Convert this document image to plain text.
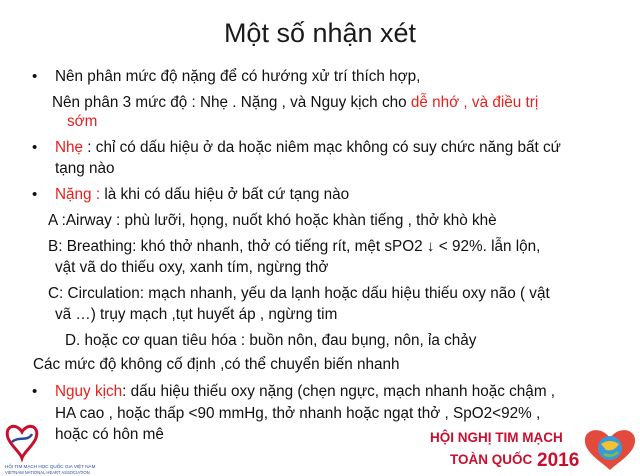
Một số nhận xét
• Nên phân mức độ nặng để có hướng xử trí thích hợp,
Nên phân 3 mức độ : Nhẹ . Nặng , và Nguy kịch cho dễ nhớ , và điều trị
sớm
• Nhẹ : chỉ có dấu hiệu ở da hoặc niêm mạc không có suy chức năng bất cứ
tạng nào
• Nặng : là khi có dấu hiệu ở bất cứ tạng nào
A :Airway : phù lưỡi, họng, nuốt khó hoặc khàn tiếng , thở khò khè
B: Breathing: khó thở nhanh, thở có tiếng rít, mệt sPO2 ↓ < 92%. lẫn lộn,
vật vã do thiếu oxy, xanh tím, ngừng thở
C: Circulation: mạch nhanh, yếu da lạnh hoặc dấu hiệu thiếu oxy não ( vật
vã …) trụy mạch ,tụt huyết áp , ngừng tim
D. hoặc cơ quan tiêu hóa : buồn nôn, đau bụng, nôn, ỉa chảy
Các mức độ không cố định ,có thể chuyển biến nhanh
• Nguy kịch: dấu hiệu thiếu oxy nặng (chẹn ngực, mạch nhanh hoặc chậm ,
HA cao , hoặc thấp <90 mmHg, thở nhanh hoặc ngạt thở , SpO2<92% ,
hoặc có hôn mê
HỘI TIM MẠCH HỌC QUỐC GIA VIỆT NAM
VIETNAM NATIONAL HEART ASSOCIATION
HỘI NGHỊ TIM MẠCH
TOÀN QUỐC 2016
